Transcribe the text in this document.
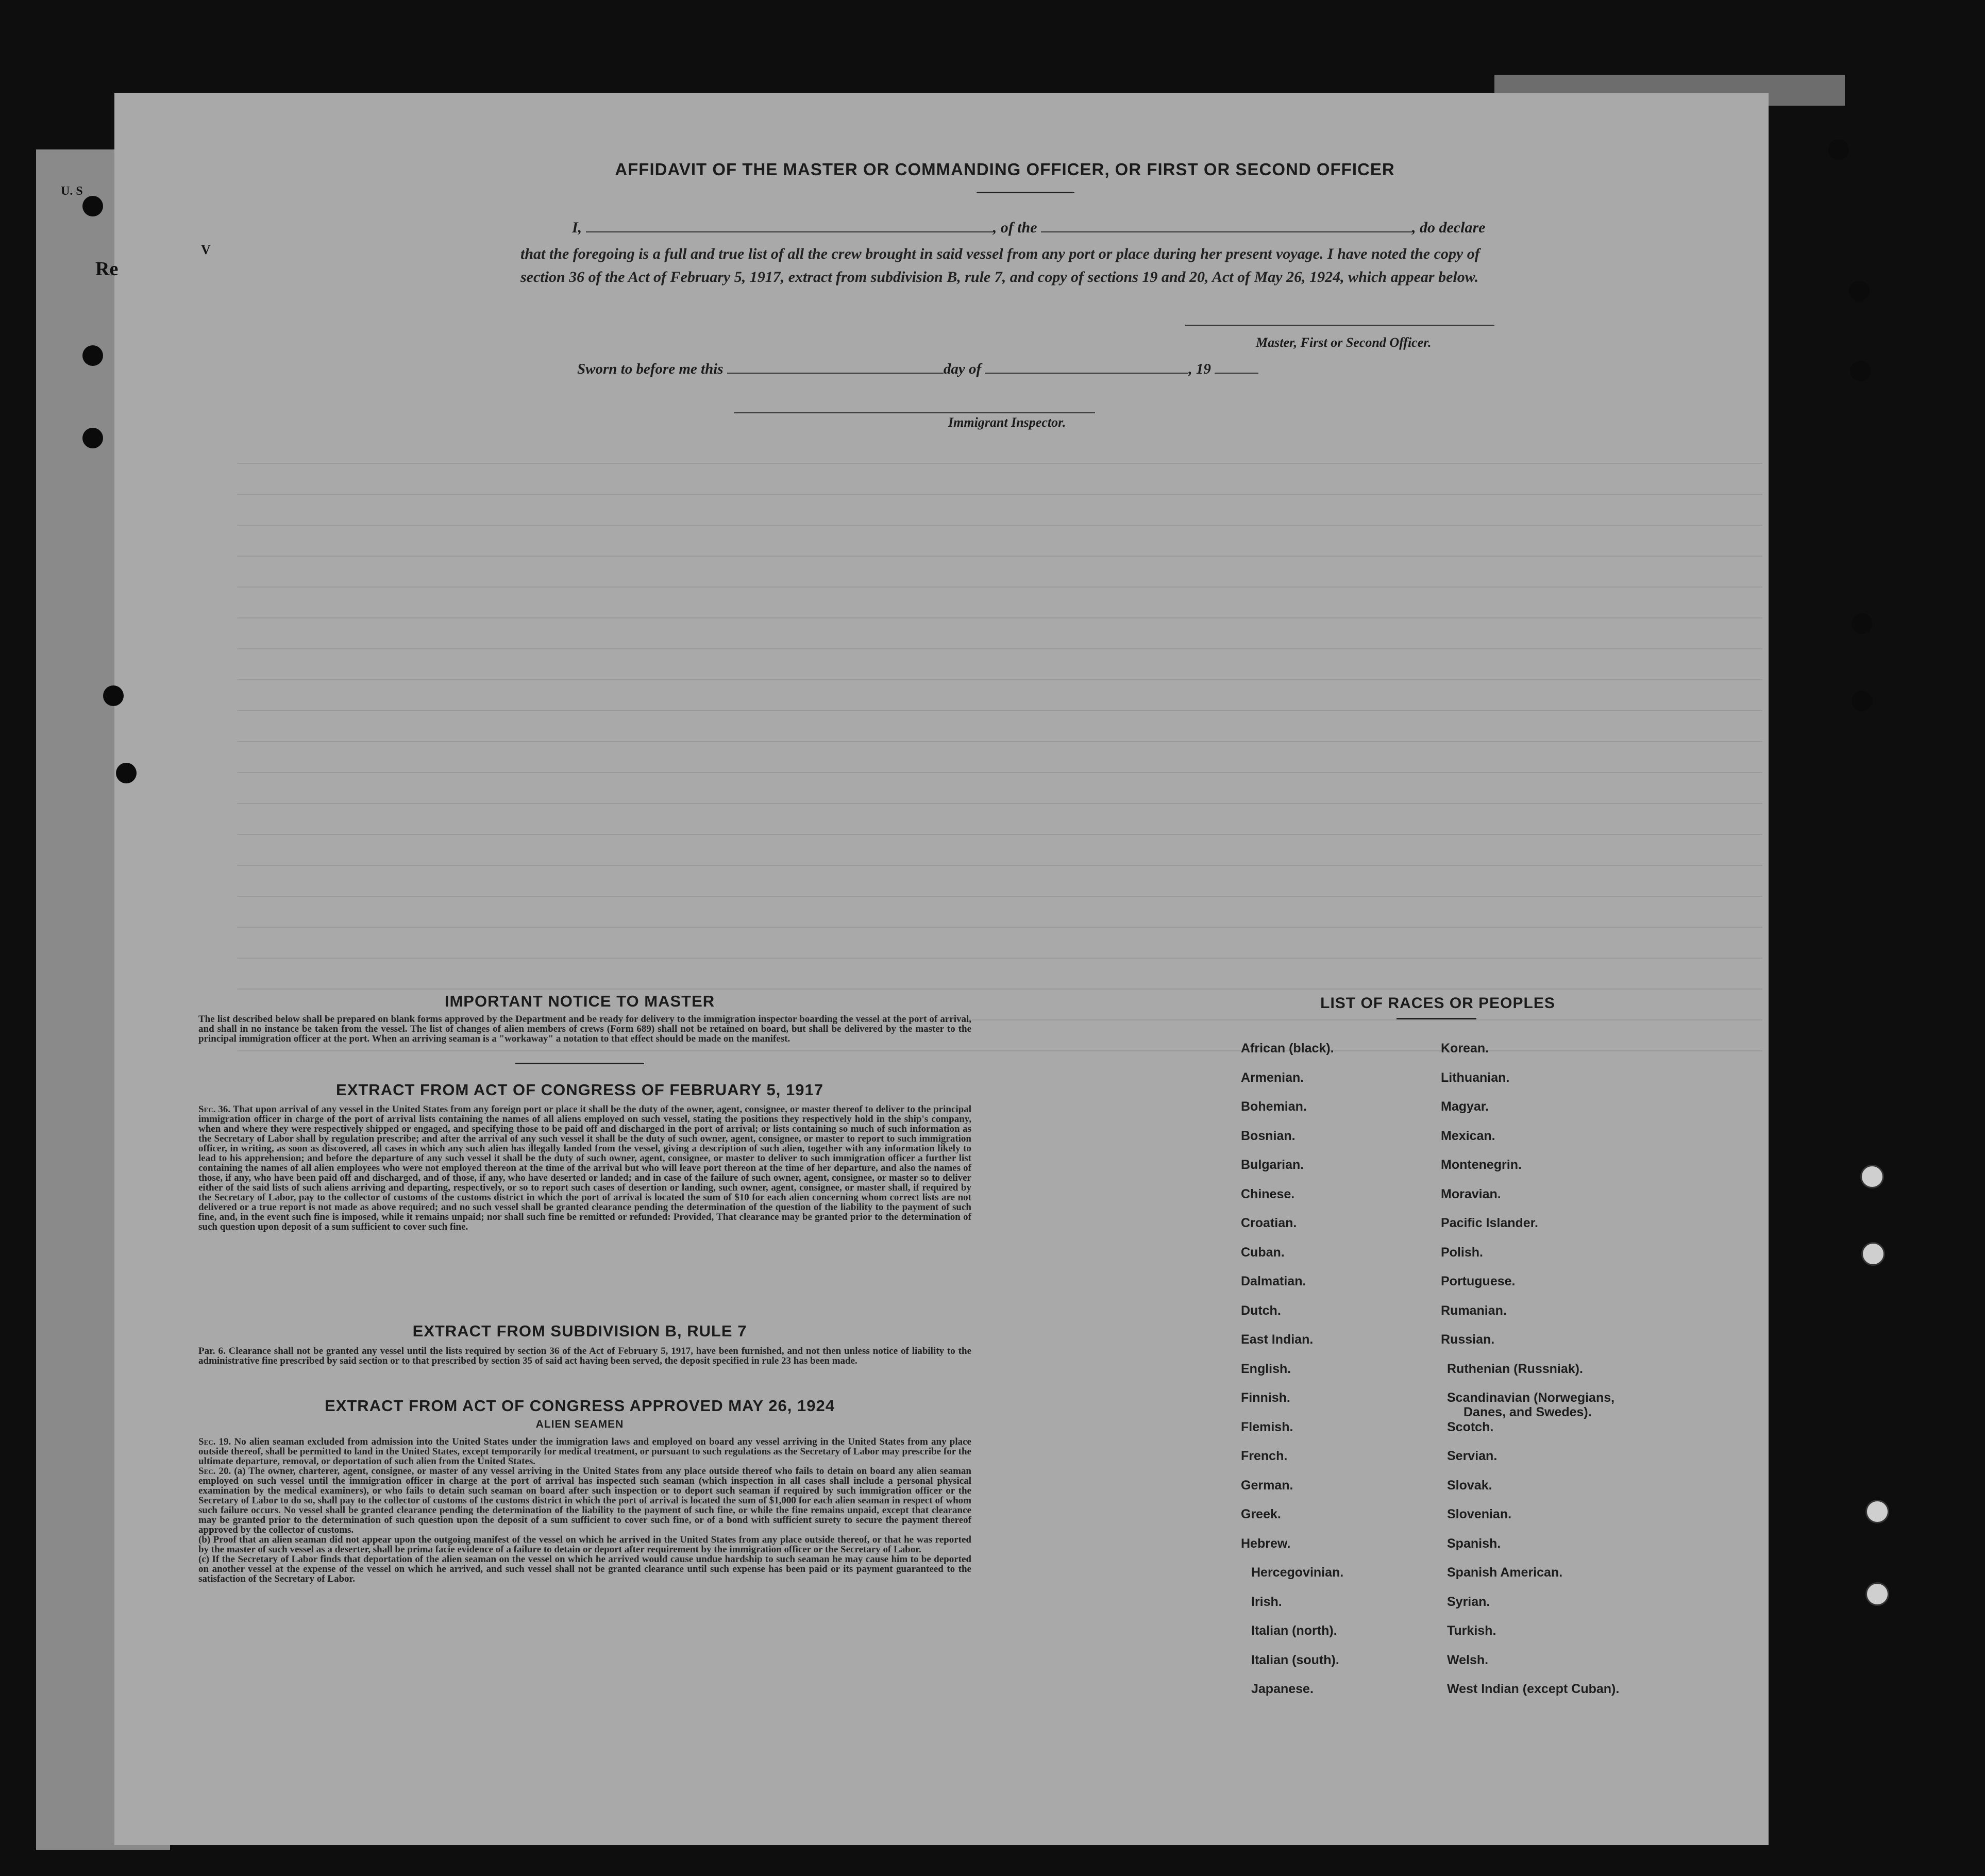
U. S
Re
V
AFFIDAVIT OF THE MASTER OR COMMANDING OFFICER, OR FIRST OR SECOND OFFICER
I,	, of the	, do declare
that the foregoing is a full and true list of all the crew brought in said vessel from any port or place during her present voyage. I have noted the copy of section 36 of the Act of February 5, 1917, extract from subdivision B, rule 7, and copy of sections 19 and 20, Act of May 26, 1924, which appear below.
Master, First or Second Officer.
Sworn to before me this	day of	, 19
Immigrant Inspector.
IMPORTANT NOTICE TO MASTER
The list described below shall be prepared on blank forms approved by the Department and be ready for delivery to the immigration inspector boarding the vessel at the port of arrival, and shall in no instance be taken from the vessel. The list of changes of alien members of crews (Form 689) shall not be retained on board, but shall be delivered by the master to the principal immigration officer at the port. When an arriving seaman is a "workaway" a notation to that effect should be made on the manifest.
EXTRACT FROM ACT OF CONGRESS OF FEBRUARY 5, 1917
Sec. 36. That upon arrival of any vessel in the United States from any foreign port or place it shall be the duty of the owner, agent, consignee, or master thereof to deliver to the principal immigration officer in charge of the port of arrival lists containing the names of all aliens employed on such vessel, stating the positions they respectively hold in the ship's company, when and where they were respectively shipped or engaged, and specifying those to be paid off and discharged in the port of arrival; or lists containing so much of such information as the Secretary of Labor shall by regulation prescribe; and after the arrival of any such vessel it shall be the duty of such owner, agent, consignee, or master to report to such immigration officer, in writing, as soon as discovered, all cases in which any such alien has illegally landed from the vessel, giving a description of such alien, together with any information likely to lead to his apprehension; and before the departure of any such vessel it shall be the duty of such owner, agent, consignee, or master to deliver to such immigration officer a further list containing the names of all alien employees who were not employed thereon at the time of the arrival but who will leave port thereon at the time of her departure, and also the names of those, if any, who have been paid off and discharged, and of those, if any, who have deserted or landed; and in case of the failure of such owner, agent, consignee, or master so to deliver either of the said lists of such aliens arriving and departing, respectively, or so to report such cases of desertion or landing, such owner, agent, consignee, or master shall, if required by the Secretary of Labor, pay to the collector of customs of the customs district in which the port of arrival is located the sum of $10 for each alien concerning whom correct lists are not delivered or a true report is not made as above required; and no such vessel shall be granted clearance pending the determination of the question of the liability to the payment of such fine, and, in the event such fine is imposed, while it remains unpaid; nor shall such fine be remitted or refunded: Provided, That clearance may be granted prior to the determination of such question upon deposit of a sum sufficient to cover such fine.
EXTRACT FROM SUBDIVISION B, RULE 7
Par. 6. Clearance shall not be granted any vessel until the lists required by section 36 of the Act of February 5, 1917, have been furnished, and not then unless notice of liability to the administrative fine prescribed by said section or to that prescribed by section 35 of said act having been served, the deposit specified in rule 23 has been made.
EXTRACT FROM ACT OF CONGRESS APPROVED MAY 26, 1924
ALIEN SEAMEN
Sec. 19. No alien seaman excluded from admission into the United States under the immigration laws and employed on board any vessel arriving in the United States from any place outside thereof, shall be permitted to land in the United States, except temporarily for medical treatment, or pursuant to such regulations as the Secretary of Labor may prescribe for the ultimate departure, removal, or deportation of such alien from the United States.
Sec. 20. (a) The owner, charterer, agent, consignee, or master of any vessel arriving in the United States from any place outside thereof who fails to detain on board any alien seaman employed on such vessel until the immigration officer in charge at the port of arrival has inspected such seaman (which inspection in all cases shall include a personal physical examination by the medical examiners), or who fails to detain such seaman on board after such inspection or to deport such seaman if required by such immigration officer or the Secretary of Labor to do so, shall pay to the collector of customs of the customs district in which the port of arrival is located the sum of $1,000 for each alien seaman in respect of whom such failure occurs. No vessel shall be granted clearance pending the determination of the liability to the payment of such fine, or while the fine remains unpaid, except that clearance may be granted prior to the determination of such question upon the deposit of a sum sufficient to cover such fine, or of a bond with sufficient surety to secure the payment thereof approved by the collector of customs.
(b) Proof that an alien seaman did not appear upon the outgoing manifest of the vessel on which he arrived in the United States from any place outside thereof, or that he was reported by the master of such vessel as a deserter, shall be prima facie evidence of a failure to detain or deport after requirement by the immigration officer or the Secretary of Labor.
(c) If the Secretary of Labor finds that deportation of the alien seaman on the vessel on which he arrived would cause undue hardship to such seaman he may cause him to be deported on another vessel at the expense of the vessel on which he arrived, and such vessel shall not be granted clearance until such expense has been paid or its payment guaranteed to the satisfaction of the Secretary of Labor.
LIST OF RACES OR PEOPLES
African (black).
Armenian.
Bohemian.
Bosnian.
Bulgarian.
Chinese.
Croatian.
Cuban.
Dalmatian.
Dutch.
East Indian.
English.
Finnish.
Flemish.
French.
German.
Greek.
Hebrew.
Hercegovinian.
Irish.
Italian (north).
Italian (south).
Japanese.
Korean.
Lithuanian.
Magyar.
Mexican.
Montenegrin.
Moravian.
Pacific Islander.
Polish.
Portuguese.
Rumanian.
Russian.
Ruthenian (Russniak).
Scandinavian (Norwegians,
Danes, and Swedes).
Scotch.
Servian.
Slovak.
Slovenian.
Spanish.
Spanish American.
Syrian.
Turkish.
Welsh.
West Indian (except Cuban).
